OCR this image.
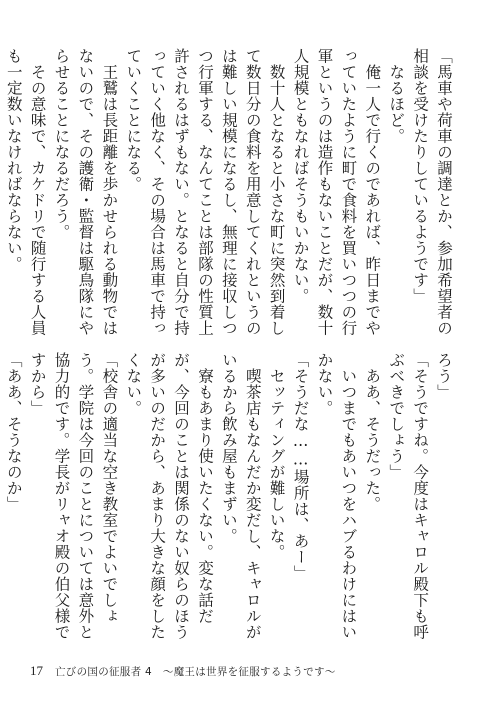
「馬車や荷車の調達とか、参加希望者の相談を受けたりしているようです」

なるほど。

俺一人で行くのであれば、昨日までやっていたように町で食料を買いつつの行軍というのは造作もないことだが、数十人規模ともなればそうもいかない。

数十人となると小さな町に突然到着して数日分の食料を用意してくれというのは難しい規模になるし、無理に接収しつつ行軍する、なんてことは部隊の性質上許されるはずもない。となると自分で持っていく他なく、その場合は馬車で持っていくことになる。

王鷲は長距離を歩かせられる動物ではないので、その護衛・監督は駆鳥隊にやらせることになるだろう。

その意味で、カケドリで随行する人員も一定数いなければならない。

ろう」

「そうですね。今度はキャロル殿下も呼ぶべきでしょう」

ああ、そうだった。

いつまでもあいつをハブるわけにはいかない。

「そうだな……場所は、あー」

セッティングが難しいな。

喫茶店もなんだか変だし、キャロルがいるから飲み屋もまずい。

寮もあまり使いたくない。変な話だが、今回のことは関係のない奴らのほうが多いのだから、あまり大きな顔をしたくない。

「校舎の適当な空き教室でよいでしょう。学院は今回のことについては意外と協力的です。学長がリャオ殿の伯父様ですから」

「ああ、そうなのか」

17 亡びの国の征服者 4　～魔王は世界を征服するようです～
